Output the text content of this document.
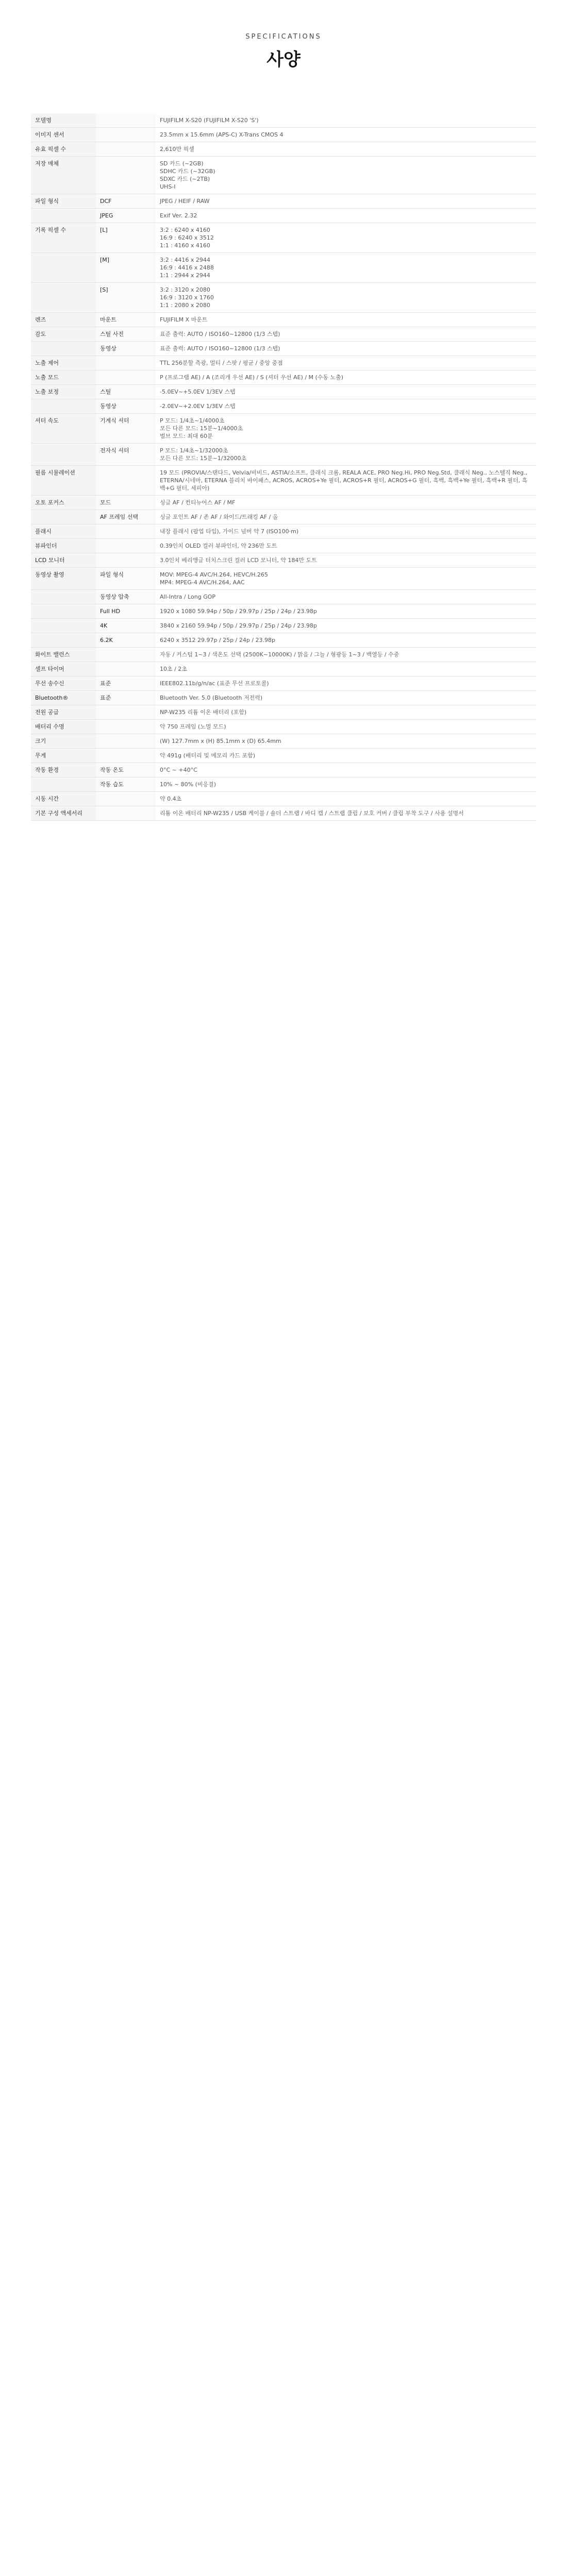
SPECIFICATIONS
사양
모델명		FUJIFILM X-S20 (FUJIFILM X-S20 'S')
이미지 센서		23.5mm x 15.6mm (APS-C) X-Trans CMOS 4
유효 픽셀 수		2,610만 픽셀
저장 매체		SD 카드 (~2GB)
SDHC 카드 (~32GB)
SDXC 카드 (~2TB)
UHS-I
파일 형식	DCF	JPEG / HEIF / RAW
	JPEG	Exif Ver. 2.32
기록 픽셀 수	[L]	3:2 : 6240 x 4160
16:9 : 6240 x 3512
1:1 : 4160 x 4160
	[M]	3:2 : 4416 x 2944
16:9 : 4416 x 2488
1:1 : 2944 x 2944
	[S]	3:2 : 3120 x 2080
16:9 : 3120 x 1760
1:1 : 2080 x 2080
렌즈	마운트	FUJIFILM X 마운트
감도	스틸 사진	표준 출력: AUTO / ISO160~12800 (1/3 스텝)
	동영상	표준 출력: AUTO / ISO160~12800 (1/3 스텝)
노출 제어		TTL 256분할 측광, 멀티 / 스팟 / 평균 / 중앙 중점
노출 모드		P (프로그램 AE) / A (조리개 우선 AE) / S (셔터 우선 AE) / M (수동 노출)
노출 보정	스틸	-5.0EV~+5.0EV 1/3EV 스텝
	동영상	-2.0EV~+2.0EV 1/3EV 스텝
셔터 속도	기계식 셔터	P 모드: 1/4초~1/4000초
모든 다른 모드: 15분~1/4000초
벌브 모드: 최대 60분
	전자식 셔터	P 모드: 1/4초~1/32000초
모든 다른 모드: 15분~1/32000초
필름 시뮬레이션		19 모드 (PROVIA/스탠다드, Velvia/비비드, ASTIA/소프트, 클래식 크롬, REALA ACE, PRO Neg.Hi, PRO Neg.Std, 클래식 Neg., 노스텔직 Neg., ETERNA/시네마, ETERNA 블리치 바이패스, ACROS, ACROS+Ye 필터, ACROS+R 필터, ACROS+G 필터, 흑백, 흑백+Ye 필터, 흑백+R 필터, 흑백+G 필터, 세피아)
오토 포커스	모드	싱글 AF / 컨티뉴어스 AF / MF
	AF 프레임 선택	싱글 포인트 AF / 존 AF / 와이드/트래킹 AF / 올
플래시		내장 플래시 (팝업 타입), 가이드 넘버 약 7 (ISO100·m)
뷰파인더		0.39인치 OLED 컬러 뷰파인더, 약 236만 도트
LCD 모니터		3.0인치 베리앵글 터치스크린 컬러 LCD 모니터, 약 184만 도트
동영상 촬영	파일 형식	MOV: MPEG-4 AVC/H.264, HEVC/H.265
MP4: MPEG-4 AVC/H.264, AAC
	동영상 압축	All-Intra / Long GOP
	Full HD	1920 x 1080 59.94p / 50p / 29.97p / 25p / 24p / 23.98p
	4K	3840 x 2160 59.94p / 50p / 29.97p / 25p / 24p / 23.98p
	6.2K	6240 x 3512 29.97p / 25p / 24p / 23.98p
화이트 밸런스		자동 / 커스텀 1~3 / 색온도 선택 (2500K~10000K) / 맑음 / 그늘 / 형광등 1~3 / 백열등 / 수중
셀프 타이머		10초 / 2초
무선 송수신	표준	IEEE802.11b/g/n/ac (표준 무선 프로토콜)
Bluetooth®	표준	Bluetooth Ver. 5.0 (Bluetooth 저전력)
전원 공급		NP-W235 리튬 이온 배터리 (포함)
배터리 수명		약 750 프레임 (노멀 모드)
크기		(W) 127.7mm x (H) 85.1mm x (D) 65.4mm
무게		약 491g (배터리 및 메모리 카드 포함)
작동 환경	작동 온도	0°C ~ +40°C
	작동 습도	10% ~ 80% (비응결)
시동 시간		약 0.4초
기본 구성 액세서리		리튬 이온 배터리 NP-W235 / USB 케이블 / 숄더 스트랩 / 바디 캡 / 스트랩 클립 / 보호 커버 / 클립 부착 도구 / 사용 설명서
